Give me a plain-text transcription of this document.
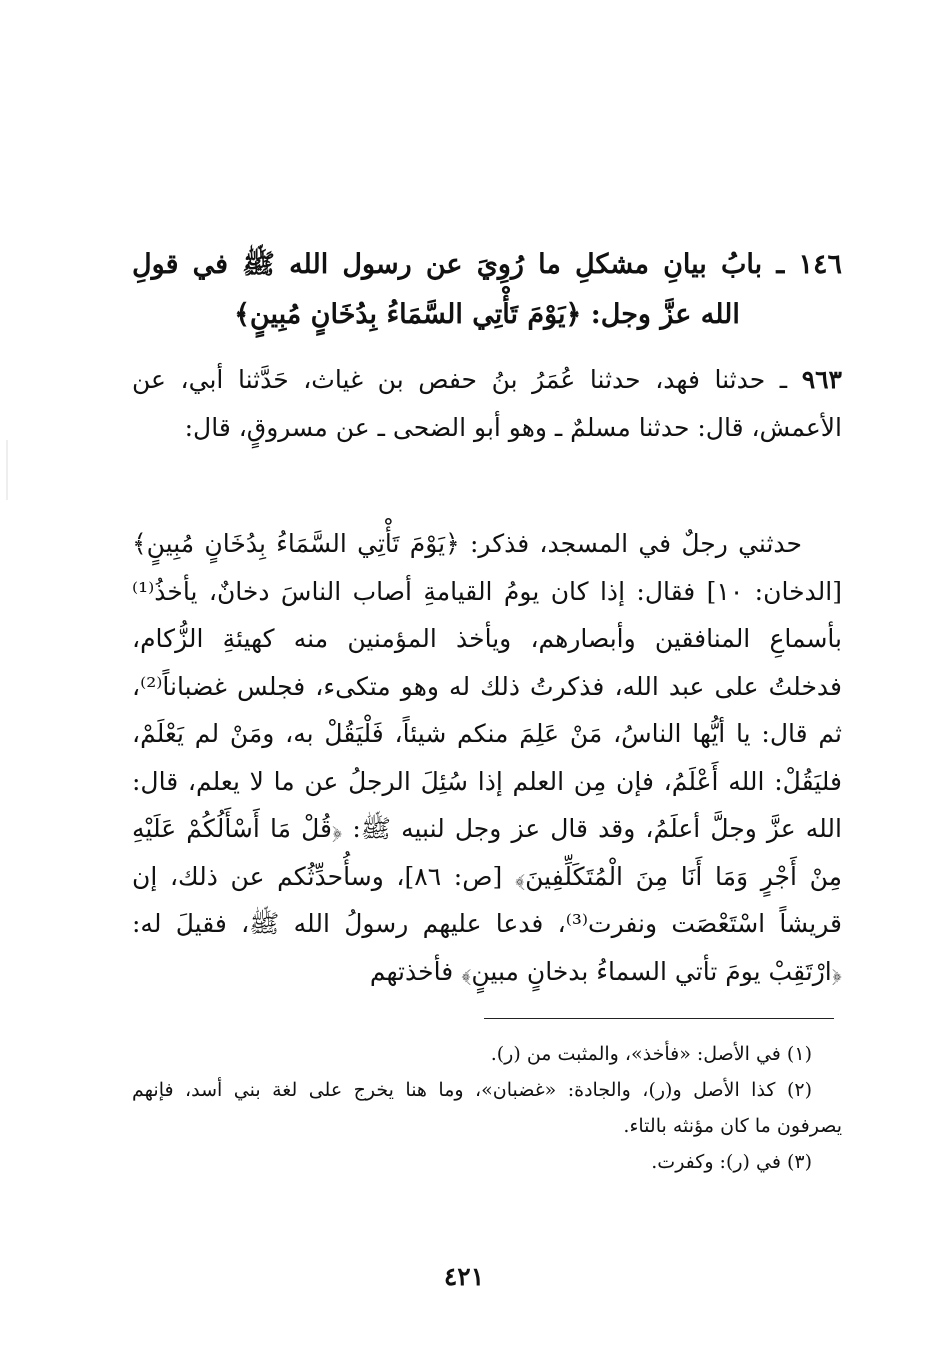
١٤٦ ـ بابُ بيانِ مشكلِ ما رُوِيَ عن رسول الله ﷺ في قولِ
الله عزَّ وجل: ﴿يَوْمَ تَأْتِي السَّمَاءُ بِدُخَانٍ مُبِينٍ﴾
٩٦٣ ـ حدثنا فهد، حدثنا عُمَرُ بنُ حفص بن غياث، حَدَّثنا أبي، عن الأعمش، قال: حدثنا مسلمٌ ـ وهو أبو الضحى ـ عن مسروقٍ، قال:
حدثني رجلٌ في المسجد، فذكر: ﴿يَوْمَ تَأْتِي السَّمَاءُ بِدُخَانٍ مُبِينٍ﴾ [الدخان: ١٠] فقال: إذا كان يومُ القيامةِ أصاب الناسَ دخانٌ، يأخذُ⁽¹⁾ بأسماعِ المنافقين وأبصارهم، ويأخذ المؤمنين منه كهيئةِ الزُّكام، فدخلتُ على عبد الله، فذكرتُ ذلك له وهو متكىء، فجلس غضباناً⁽²⁾، ثم قال: يا أيُّها الناسُ، مَنْ عَلِمَ منكم شيئاً، فَلْيَقُلْ به، ومَنْ لم يَعْلَمْ، فليَقُلْ: الله أَعْلَمُ، فإن مِن العلم إذا سُئِلَ الرجلُ عن ما لا يعلم، قال: الله عزَّ وجلَّ أعلَمُ، وقد قال عز وجل لنبيه ﷺ: ﴿قُلْ مَا أَسْأَلُكُمْ عَلَيْهِ مِنْ أَجْرٍ وَمَا أَنَا مِنَ الْمُتَكَلِّفِينَ﴾ [ص: ٨٦]، وسأُحدِّثُكم عن ذلك، إن قريشاً اسْتَعْصَت ونفرت⁽³⁾، فدعا عليهم رسولُ الله ﷺ، فقيلَ له: ﴿ارْتَقِبْ يومَ تأتي السماءُ بدخانٍ مبينٍ﴾ فأخذتهم
(١) في الأصل: «فأخذ»، والمثبت من (ر).
(٢) كذا الأصل و(ر)، والجادة: «غضبان»، وما هنا يخرج على لغة بني أسد، فإنهم يصرفون ما كان مؤنثه بالتاء.
(٣) في (ر): وكفرت.
٤٢١
